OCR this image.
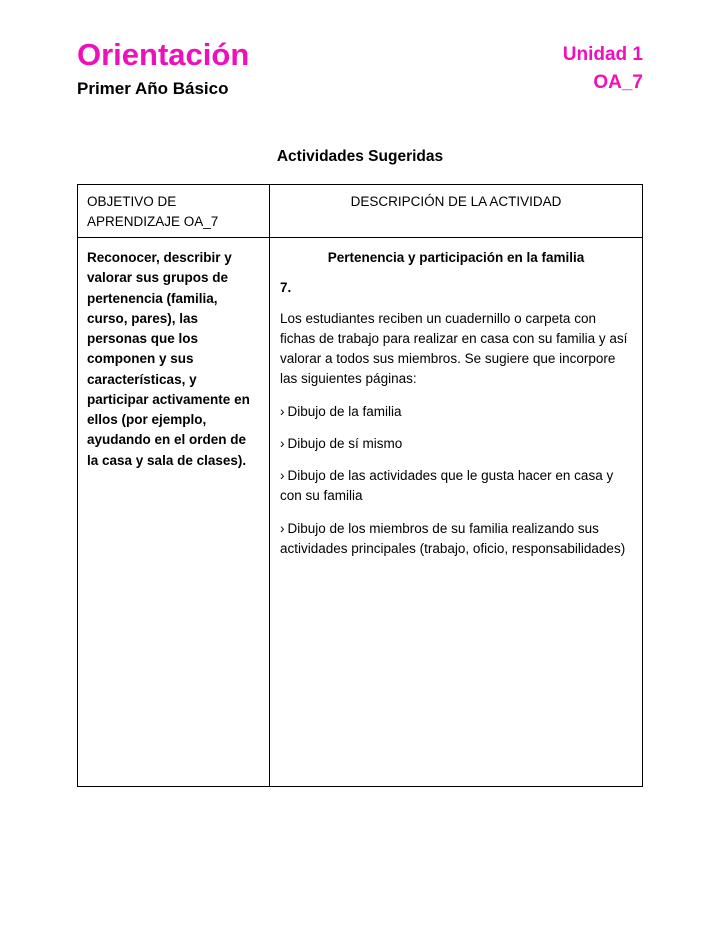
Orientación
Primer Año Básico
Unidad 1
OA_7
Actividades Sugeridas
OBJETIVO DE APRENDIZAJE OA_7
DESCRIPCIÓN DE LA ACTIVIDAD
Reconocer, describir y valorar sus grupos de pertenencia (familia, curso, pares), las personas que los componen y sus características, y participar activamente en ellos (por ejemplo, ayudando en el orden de la casa y sala de clases).
Pertenencia y participación en la familia
7.
Los estudiantes reciben un cuadernillo o carpeta con fichas de trabajo para realizar en casa con su familia y así valorar a todos sus miembros. Se sugiere que incorpore las siguientes páginas:
› Dibujo de la familia
› Dibujo de sí mismo
› Dibujo de las actividades que le gusta hacer en casa y con su familia
› Dibujo de los miembros de su familia realizando sus actividades principales (trabajo, oficio, responsabilidades)
